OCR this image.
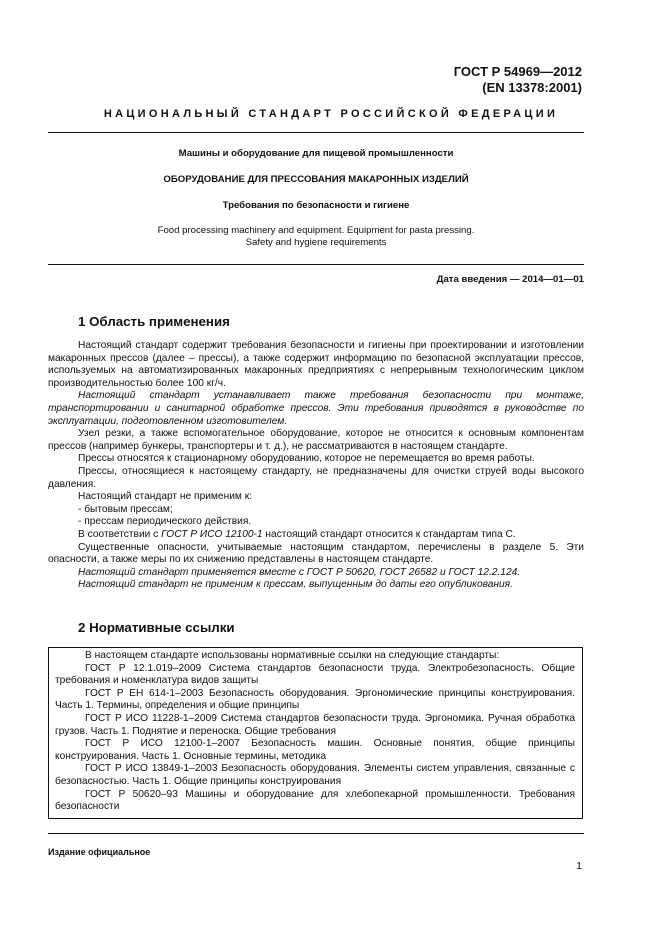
ГОСТ Р 54969—2012
(EN 13378:2001)
НАЦИОНАЛЬНЫЙ СТАНДАРТ РОССИЙСКОЙ ФЕДЕРАЦИИ
Машины и оборудование для пищевой промышленности
ОБОРУДОВАНИЕ ДЛЯ ПРЕССОВАНИЯ МАКАРОННЫХ ИЗДЕЛИЙ
Требования по безопасности и гигиене
Food processing machinery and equipment. Equipment for pasta pressing.
Safety and hygiene requirements
Дата введения — 2014—01—01
1 Область применения

Настоящий стандарт содержит требования безопасности и гигиены при проектировании и изготовлении макаронных прессов (далее – прессы), а также содержит информацию по безопасной эксплуатации прессов, используемых на автоматизированных макаронных предприятиях с непрерывным технологическим циклом производительностью более 100 кг/ч.

Настоящий стандарт устанавливает также требования безопасности при монтаже, транспортировании и санитарной обработке прессов. Эти требования приводятся в руководстве по эксплуатации, подготовленном изготовителем.

Узел резки, а также вспомогательное оборудование, которое не относится к основным компонентам прессов (например бункеры, транспортеры и т. д.), не рассматриваются в настоящем стандарте.

Прессы относятся к стационарному оборудованию, которое не перемещается во время работы.

Прессы, относящиеся к настоящему стандарту, не предназначены для очистки струей воды высокого давления.

Настоящий стандарт не применим к:

- бытовым прессам;

- прессам периодического действия.

В соответствии с ГОСТ Р ИСО 12100-1 настоящий стандарт относится к стандартам типа С.

Существенные опасности, учитываемые настоящим стандартом, перечислены в разделе 5. Эти опасности, а также меры по их снижению представлены в настоящем стандарте.

Настоящий стандарт применяется вместе с ГОСТ Р 50620, ГОСТ 26582 и ГОСТ 12.2.124.

Настоящий стандарт не применим к прессам, выпущенным до даты его опубликования.

2 Нормативные ссылки

В настоящем стандарте использованы нормативные ссылки на следующие стандарты:

ГОСТ Р 12.1.019–2009 Система стандартов безопасности труда. Электробезопасность. Общие требования и номенклатура видов защиты

ГОСТ Р ЕН 614-1–2003 Безопасность оборудования. Эргономические принципы конструирования. Часть 1. Термины, определения и общие принципы

ГОСТ Р ИСО 11228-1–2009 Система стандартов безопасности труда. Эргономика. Ручная обработка грузов. Часть 1. Поднятие и переноска. Общие требования

ГОСТ Р ИСО 12100-1–2007 Безопасность машин. Основные понятия, общие принципы конструирования. Часть 1. Основные термины, методика

ГОСТ Р ИСО 13849-1–2003 Безопасность оборудования. Элементы систем управления, связанные с безопасностью. Часть 1. Общие принципы конструирования

ГОСТ Р 50620–93 Машины и оборудование для хлебопекарной промышленности. Требования безопасности

Издание официальное
1
